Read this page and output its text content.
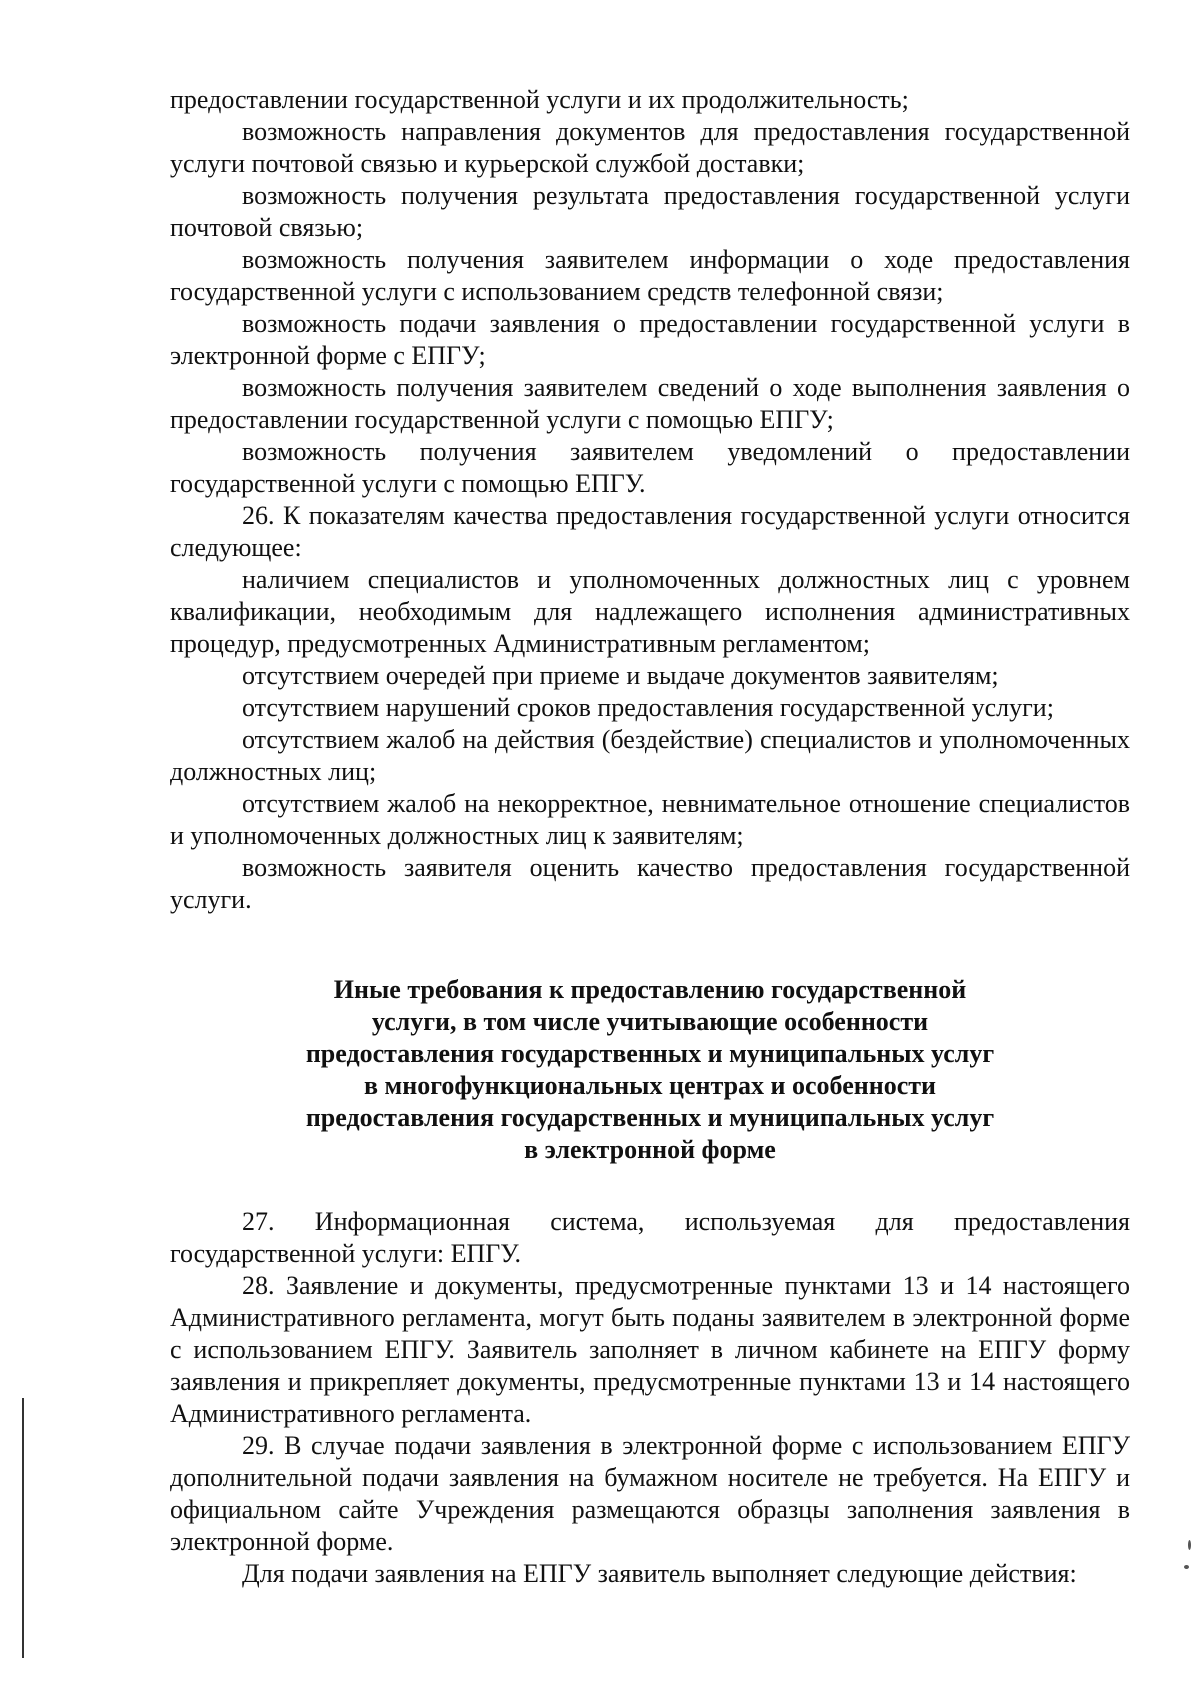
предоставлении государственной услуги и их продолжительность;

возможность направления документов для предоставления государственной услуги почтовой связью и курьерской службой доставки;

возможность получения результата предоставления государственной услуги почтовой связью;

возможность получения заявителем информации о ходе предоставления государственной услуги с использованием средств телефонной связи;

возможность подачи заявления о предоставлении государственной услуги в электронной форме с ЕПГУ;

возможность получения заявителем сведений о ходе выполнения заявления о предоставлении государственной услуги с помощью ЕПГУ;

возможность получения заявителем уведомлений о предоставлении государственной услуги с помощью ЕПГУ.

26. К показателям качества предоставления государственной услуги относится следующее:

наличием специалистов и уполномоченных должностных лиц с уровнем квалификации, необходимым для надлежащего исполнения административных процедур, предусмотренных Административным регламентом;

отсутствием очередей при приеме и выдаче документов заявителям;

отсутствием нарушений сроков предоставления государственной услуги;

отсутствием жалоб на действия (бездействие) специалистов и уполномоченных должностных лиц;

отсутствием жалоб на некорректное, невнимательное отношение специалистов и уполномоченных должностных лиц к заявителям;

возможность заявителя оценить качество предоставления государственной услуги.

Иные требования к предоставлению государственной
услуги, в том числе учитывающие особенности
предоставления государственных и муниципальных услуг
в многофункциональных центрах и особенности
предоставления государственных и муниципальных услуг
в электронной форме

27. Информационная система, используемая для предоставления государственной услуги: ЕПГУ.

28. Заявление и документы, предусмотренные пунктами 13 и 14 настоящего Административного регламента, могут быть поданы заявителем в электронной форме с использованием ЕПГУ. Заявитель заполняет в личном кабинете на ЕПГУ форму заявления и прикрепляет документы, предусмотренные пунктами 13 и 14 настоящего Административного регламента.

29. В случае подачи заявления в электронной форме с использованием ЕПГУ дополнительной подачи заявления на бумажном носителе не требуется. На ЕПГУ и официальном сайте Учреждения размещаются образцы заполнения заявления в электронной форме.

Для подачи заявления на ЕПГУ заявитель выполняет следующие действия:
